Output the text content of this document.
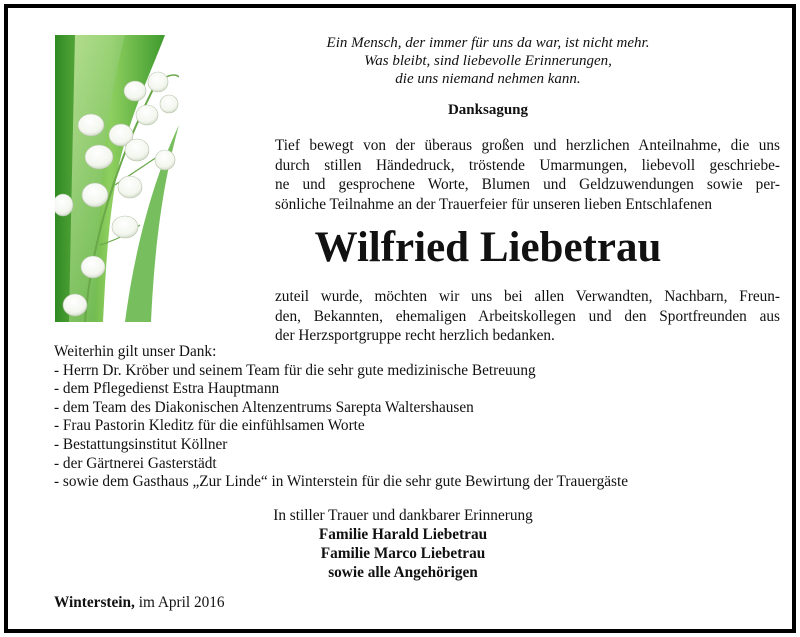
Ein Mensch, der immer für uns da war, ist nicht mehr.
Was bleibt, sind liebevolle Erinnerungen,
die uns niemand nehmen kann.
Danksagung
Tief bewegt von der überaus großen und herzlichen Anteilnahme, die uns
durch stillen Händedruck, tröstende Umarmungen, liebevoll geschriebe-
ne und gesprochene Worte, Blumen und Geldzuwendungen sowie per-
sönliche Teilnahme an der Trauerfeier für unseren lieben Entschlafenen
Wilfried Liebetrau
zuteil wurde, möchten wir uns bei allen Verwandten, Nachbarn, Freun-
den, Bekannten, ehemaligen Arbeitskollegen und den Sportfreunden aus
der Herzsportgruppe recht herzlich bedanken.
Weiterhin gilt unser Dank:
- Herrn Dr. Kröber und seinem Team für die sehr gute medizinische Betreuung
- dem Pflegedienst Estra Hauptmann
- dem Team des Diakonischen Altenzentrums Sarepta Waltershausen
- Frau Pastorin Kleditz für die einfühlsamen Worte
- Bestattungsinstitut Köllner
- der Gärtnerei Gasterstädt
- sowie dem Gasthaus „Zur Linde“ in Winterstein für die sehr gute Bewirtung der Trauergäste
In stiller Trauer und dankbarer Erinnerung
Familie Harald Liebetrau
Familie Marco Liebetrau
sowie alle Angehörigen
Winterstein, im April 2016
